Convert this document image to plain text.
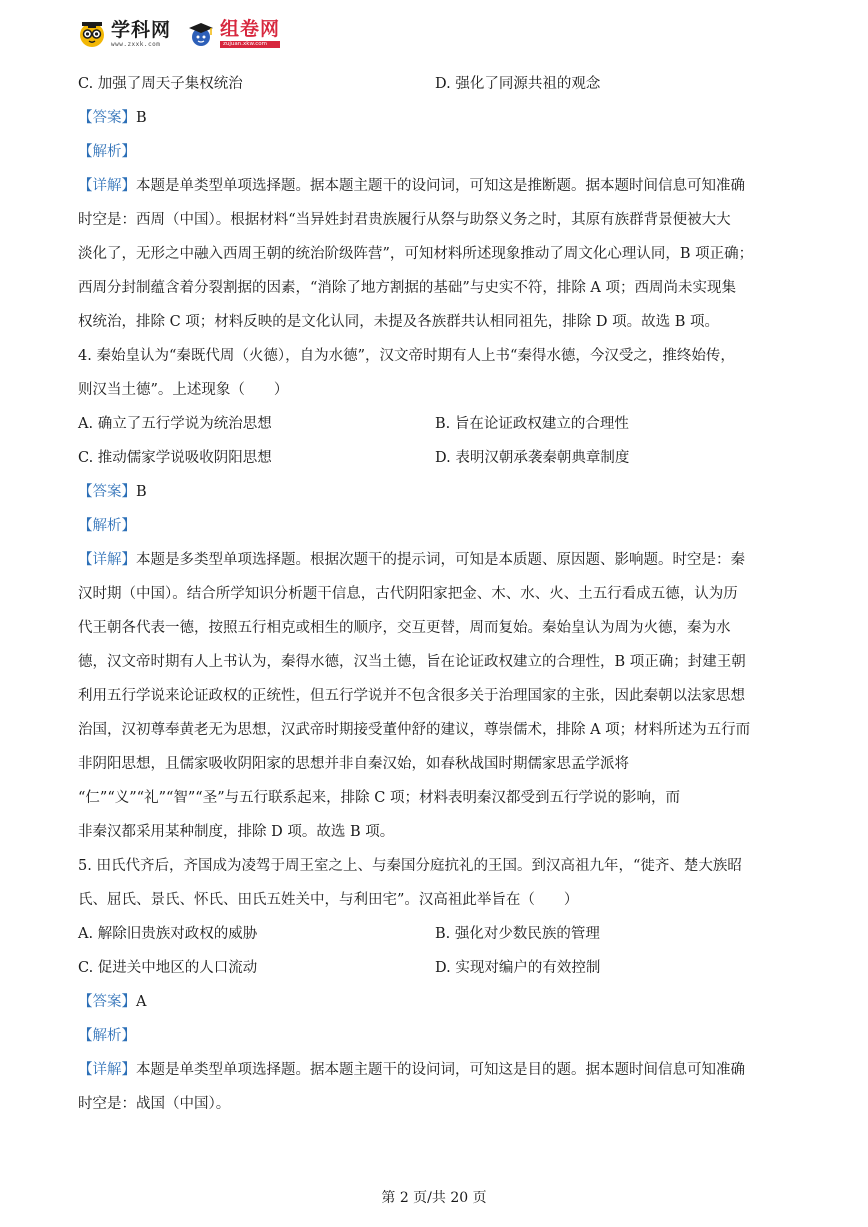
学科网
www.zxxk.com
组卷网
zujuan.xkw.com
C. 加强了周天子集权统治	D. 强化了同源共祖的观念
【答案】B
【解析】
【详解】本题是单类型单项选择题。据本题主题干的设问词，可知这是推断题。据本题时间信息可知准确
时空是：西周（中国）。根据材料“当异姓封君贵族履行从祭与助祭义务之时，其原有族群背景便被大大
淡化了，无形之中融入西周王朝的统治阶级阵营”，可知材料所述现象推动了周文化心理认同，B 项正确；
西周分封制蕴含着分裂割据的因素，“消除了地方割据的基础”与史实不符，排除 A 项；西周尚未实现集
权统治，排除 C 项；材料反映的是文化认同，未提及各族群共认相同祖先，排除 D 项。故选 B 项。
4. 秦始皇认为“秦既代周（火德），自为水德”，汉文帝时期有人上书“秦得水德，今汉受之，推终始传，
则汉当土德”。上述现象（　　）
A. 确立了五行学说为统治思想	B. 旨在论证政权建立的合理性
C. 推动儒家学说吸收阴阳思想	D. 表明汉朝承袭秦朝典章制度
【答案】B
【解析】
【详解】本题是多类型单项选择题。根据次题干的提示词，可知是本质题、原因题、影响题。时空是：秦
汉时期（中国）。结合所学知识分析题干信息，古代阴阳家把金、木、水、火、土五行看成五德，认为历
代王朝各代表一德，按照五行相克或相生的顺序，交互更替，周而复始。秦始皇认为周为火德，秦为水
德，汉文帝时期有人上书认为，秦得水德，汉当土德，旨在论证政权建立的合理性，B 项正确；封建王朝
利用五行学说来论证政权的正统性，但五行学说并不包含很多关于治理国家的主张，因此秦朝以法家思想
治国，汉初尊奉黄老无为思想，汉武帝时期接受董仲舒的建议，尊崇儒术，排除 A 项；材料所述为五行而
非阴阳思想，且儒家吸收阴阳家的思想并非自秦汉始，如春秋战国时期儒家思孟学派将
“仁”“义”“礼”“智”“圣”与五行联系起来，排除 C 项；材料表明秦汉都受到五行学说的影响，而
非秦汉都采用某种制度，排除 D 项。故选 B 项。
5. 田氏代齐后，齐国成为凌驾于周王室之上、与秦国分庭抗礼的王国。到汉高祖九年，“徙齐、楚大族昭
氏、屈氏、景氏、怀氏、田氏五姓关中，与利田宅”。汉高祖此举旨在（　　）
A. 解除旧贵族对政权的威胁	B. 强化对少数民族的管理
C. 促进关中地区的人口流动	D. 实现对编户的有效控制
【答案】A
【解析】
【详解】本题是单类型单项选择题。据本题主题干的设问词，可知这是目的题。据本题时间信息可知准确
时空是：战国（中国）。
第 2 页/共 20 页
